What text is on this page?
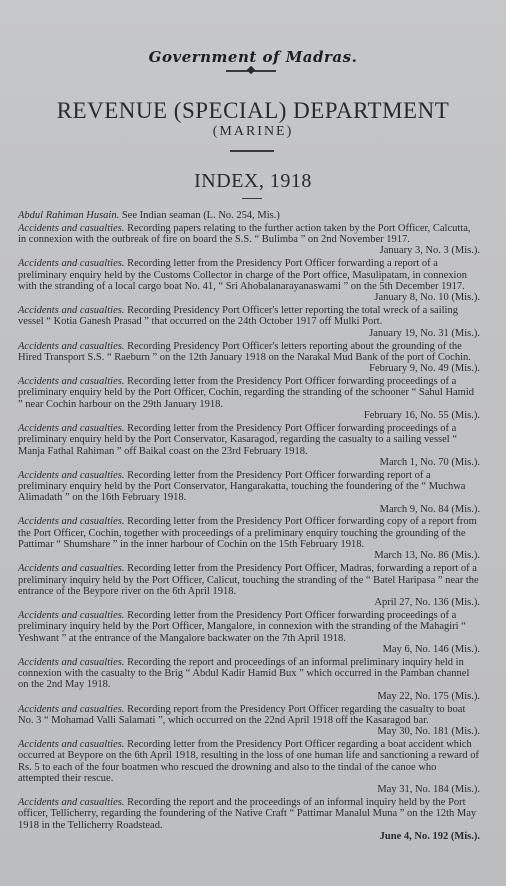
Government of Madras.
REVENUE (SPECIAL) DEPARTMENT
(MARINE)
INDEX, 1918
Abdul Rahiman Husain. See Indian seaman (L. No. 254, Mis.)
Accidents and casualties. Recording papers relating to the further action taken by the Port Officer, Calcutta, in connexion with the outbreak of fire on board the S.S. “ Bulimba ” on 2nd November 1917.
January 3, No. 3 (Mis.).
Accidents and casualties. Recording letter from the Presidency Port Officer forwarding a report of a preliminary enquiry held by the Customs Collector in charge of the Port office, Masulipatam, in connexion with the stranding of a local cargo boat No. 41, “ Sri Ahobalanarayanaswami ” on the 5th December 1917.
January 8, No. 10 (Mis.).
Accidents and casualties. Recording Presidency Port Officer's letter reporting the total wreck of a sailing vessel “ Kotia Ganesh Prasad ” that occurred on the 24th October 1917 off Mulki Port.
January 19, No. 31 (Mis.).
Accidents and casualties. Recording Presidency Port Officer's letters reporting about the grounding of the Hired Transport S.S. “ Raeburn ” on the 12th January 1918 on the Narakal Mud Bank of the port of Cochin.
February 9, No. 49 (Mis.).
Accidents and casualties. Recording letter from the Presidency Port Officer forwarding proceedings of a preliminary enquiry held by the Port Officer, Cochin, regarding the stranding of the schooner “ Sahul Hamid ” near Cochin harbour on the 29th January 1918.
February 16, No. 55 (Mis.).
Accidents and casualties. Recording letter from the Presidency Port Officer forwarding proceedings of a preliminary enquiry held by the Port Conservator, Kasaragod, regarding the casualty to a sailing vessel “ Manja Fathal Rahiman ” off Baikal coast on the 23rd February 1918.
March 1, No. 70 (Mis.).
Accidents and casualties. Recording letter from the Presidency Port Officer forwarding report of a preliminary enquiry held by the Port Conservator, Hangarakatta, touching the foundering of the “ Muchwa Alimadath ” on the 16th February 1918.
March 9, No. 84 (Mis.).
Accidents and casualties. Recording letter from the Presidency Port Officer forwarding copy of a report from the Port Officer, Cochin, together with proceedings of a preliminary enquiry touching the grounding of the Pattimar “ Shumshare ” in the inner harbour of Cochin on the 15th February 1918.
March 13, No. 86 (Mis.).
Accidents and casualties. Recording letter from the Presidency Port Officer, Madras, forwarding a report of a preliminary inquiry held by the Port Officer, Calicut, touching the stranding of the “ Batel Haripasa ” near the entrance of the Beypore river on the 6th April 1918.
April 27, No. 136 (Mis.).
Accidents and casualties. Recording letter from the Presidency Port Officer forwarding proceedings of a preliminary inquiry held by the Port Officer, Mangalore, in connexion with the stranding of the Mahagiri “ Yeshwant ” at the entrance of the Mangalore backwater on the 7th April 1918.
May 6, No. 146 (Mis.).
Accidents and casualties. Recording the report and proceedings of an informal preliminary inquiry held in connexion with the casualty to the Brig “ Abdul Kadir Hamid Bux ” which occurred in the Pamban channel on the 2nd May 1918.
May 22, No. 175 (Mis.).
Accidents and casualties. Recording report from the Presidency Port Officer regarding the casualty to boat No. 3 “ Mohamad Valli Salamati ”, which occurred on the 22nd April 1918 off the Kasaragod bar.
May 30, No. 181 (Mis.).
Accidents and casualties. Recording letter from the Presidency Port Officer regarding a boat accident which occurred at Beypore on the 6th April 1918, resulting in the loss of one human life and sanctioning a reward of Rs. 5 to each of the four boatmen who rescued the drowning and also to the tindal of the canoe who attempted their rescue.
May 31, No. 184 (Mis.).
Accidents and casualties. Recording the report and the proceedings of an informal inquiry held by the Port officer, Tellicherry, regarding the foundering of the Native Craft “ Pattimar Manalul Muna ” on the 12th May 1918 in the Tellicherry Roadstead.
June 4, No. 192 (Mis.).
